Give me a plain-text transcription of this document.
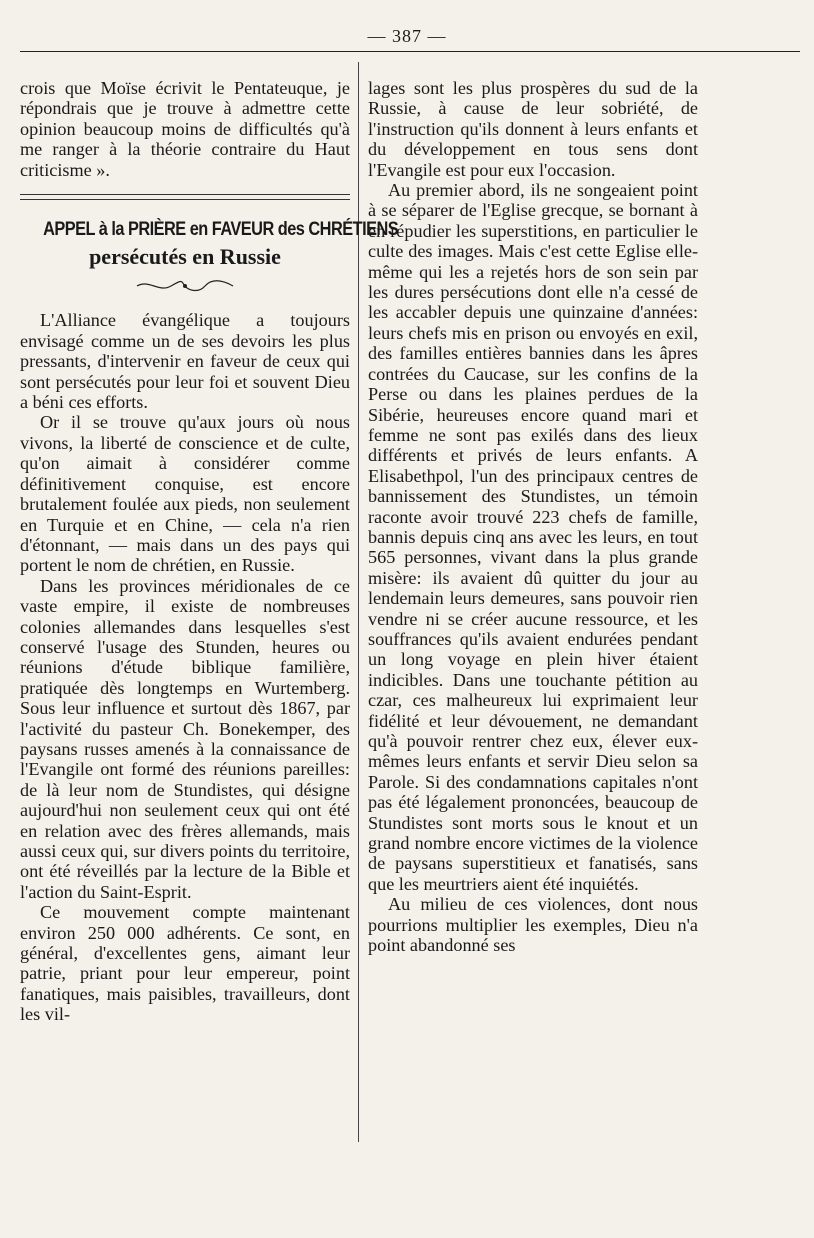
— 387 —

crois que Moïse écrivit le Pentateuque, je répondrais que je trouve à admettre cette opinion beaucoup moins de difficultés qu'à me ranger à la théorie contraire du Haut criticisme ».

APPEL à la PRIÈRE en FAVEUR des CHRÉTIENS
persécutés en Russie

L'Alliance évangélique a toujours envisagé comme un de ses devoirs les plus pressants, d'intervenir en faveur de ceux qui sont persécutés pour leur foi et souvent Dieu a béni ces efforts.

Or il se trouve qu'aux jours où nous vivons, la liberté de conscience et de culte, qu'on aimait à considérer comme définitivement conquise, est encore brutalement foulée aux pieds, non seulement en Turquie et en Chine, — cela n'a rien d'étonnant, — mais dans un des pays qui portent le nom de chrétien, en Russie.

Dans les provinces méridionales de ce vaste empire, il existe de nombreuses colonies allemandes dans lesquelles s'est conservé l'usage des Stunden, heures ou réunions d'étude biblique familière, pratiquée dès longtemps en Wurtemberg. Sous leur influence et surtout dès 1867, par l'activité du pasteur Ch. Bonekemper, des paysans russes amenés à la connaissance de l'Evangile ont formé des réunions pareilles: de là leur nom de Stundistes, qui désigne aujourd'hui non seulement ceux qui ont été en relation avec des frères allemands, mais aussi ceux qui, sur divers points du territoire, ont été réveillés par la lecture de la Bible et l'action du Saint-Esprit.

Ce mouvement compte maintenant environ 250 000 adhérents. Ce sont, en général, d'excellentes gens, aimant leur patrie, priant pour leur empereur, point fanatiques, mais paisibles, travailleurs, dont les vil-

lages sont les plus prospères du sud de la Russie, à cause de leur sobriété, de l'instruction qu'ils donnent à leurs enfants et du développement en tous sens dont l'Evangile est pour eux l'occasion.

Au premier abord, ils ne songeaient point à se séparer de l'Eglise grecque, se bornant à en répudier les superstitions, en particulier le culte des images. Mais c'est cette Eglise elle-même qui les a rejetés hors de son sein par les dures persécutions dont elle n'a cessé de les accabler depuis une quinzaine d'années: leurs chefs mis en prison ou envoyés en exil, des familles entières bannies dans les âpres contrées du Caucase, sur les confins de la Perse ou dans les plaines perdues de la Sibérie, heureuses encore quand mari et femme ne sont pas exilés dans des lieux différents et privés de leurs enfants. A Elisabethpol, l'un des principaux centres de bannissement des Stundistes, un témoin raconte avoir trouvé 223 chefs de famille, bannis depuis cinq ans avec les leurs, en tout 565 personnes, vivant dans la plus grande misère: ils avaient dû quitter du jour au lendemain leurs demeures, sans pouvoir rien vendre ni se créer aucune ressource, et les souffrances qu'ils avaient endurées pendant un long voyage en plein hiver étaient indicibles. Dans une touchante pétition au czar, ces malheureux lui exprimaient leur fidélité et leur dévouement, ne demandant qu'à pouvoir rentrer chez eux, élever eux-mêmes leurs enfants et servir Dieu selon sa Parole. Si des condamnations capitales n'ont pas été légalement prononcées, beaucoup de Stundistes sont morts sous le knout et un grand nombre encore victimes de la violence de paysans superstitieux et fanatisés, sans que les meurtriers aient été inquiétés.

Au milieu de ces violences, dont nous pourrions multiplier les exemples, Dieu n'a point abandonné ses
